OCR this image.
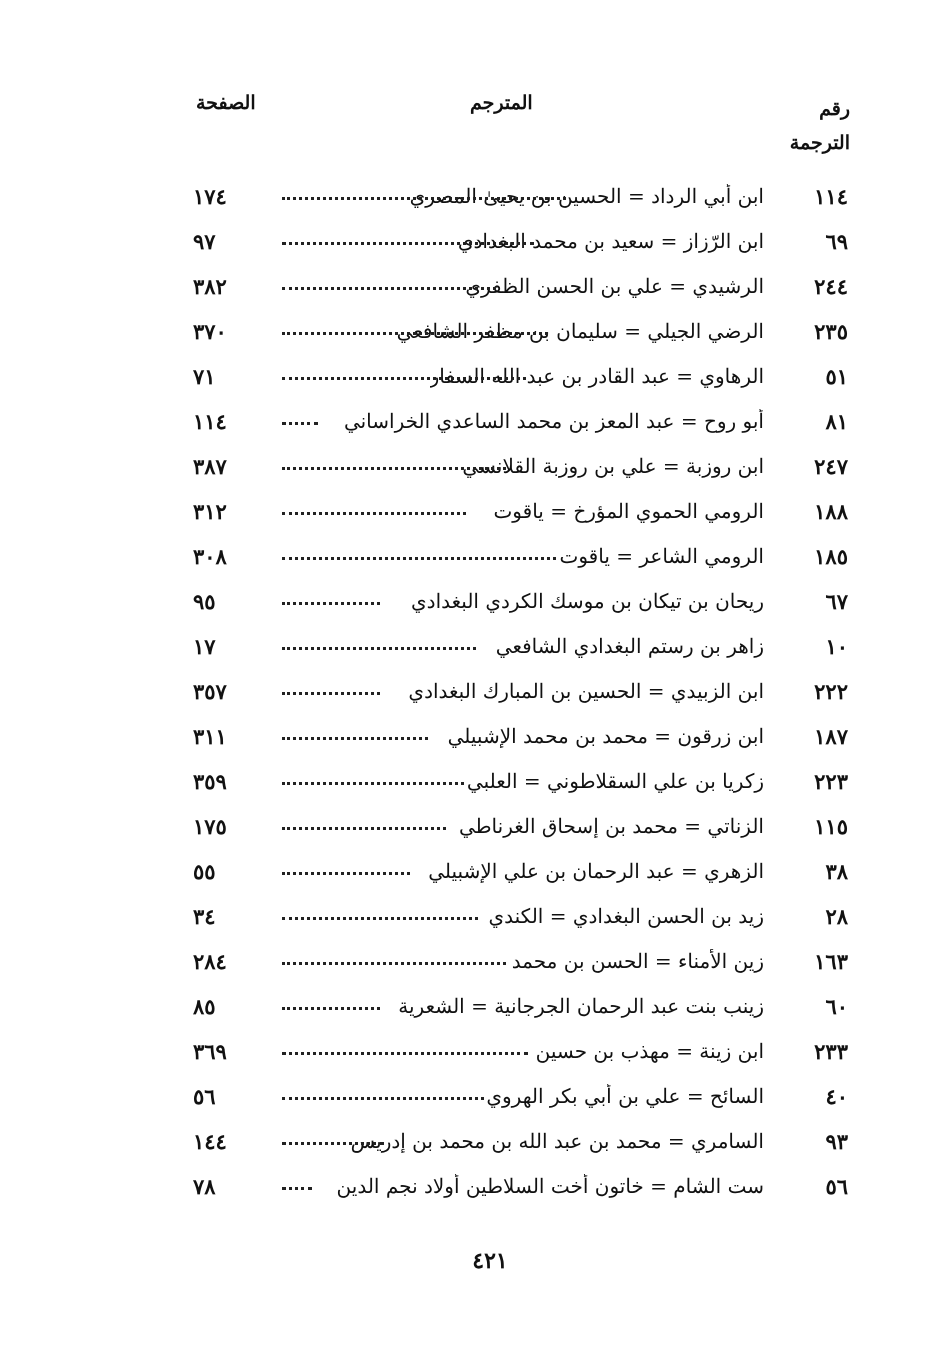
رقم
الترجمة
المترجم
الصفحة
١١٤
ابن أبي الرداد = الحسين بن يحيىٰ المصري
١٧٤
٦٩
ابن الرّزاز = سعيد بن محمد البغدادي
٩٧
٢٤٤
الرشيدي = علي بن الحسن الظفري
٣٨٢
٢٣٥
الرضي الجيلي = سليمان بن مظفر الشافعي
٣٧٠
٥١
الرهاوي = عبد القادر بن عبد الله السفار
٧١
٨١
أبو روح = عبد المعز بن محمد الساعدي الخراساني
١١٤
٢٤٧
ابن روزبة = علي بن روزبة القلانسي
٣٨٧
١٨٨
الرومي الحموي المؤرخ = ياقوت
٣١٢
١٨٥
الرومي الشاعر = ياقوت
٣٠٨
٦٧
ريحان بن تيكان بن موسك الكردي البغدادي
٩٥
١٠
زاهر بن رستم البغدادي الشافعي
١٧
٢٢٢
ابن الزبيدي = الحسين بن المبارك البغدادي
٣٥٧
١٨٧
ابن زرقون = محمد بن محمد الإشبيلي
٣١١
٢٢٣
زكريا بن علي السقلاطوني = العلبي
٣٥٩
١١٥
الزناتي = محمد بن إسحاق الغرناطي
١٧٥
٣٨
الزهري = عبد الرحمان بن علي الإشبيلي
٥٥
٢٨
زيد بن الحسن البغدادي = الكندي
٣٤
١٦٣
زين الأمناء = الحسن بن محمد
٢٨٤
٦٠
زينب بنت عبد الرحمان الجرجانية = الشعرية
٨٥
٢٣٣
ابن زينة = مهذب بن حسين
٣٦٩
٤٠
السائح = علي بن أبي بكر الهروي
٥٦
٩٣
السامري = محمد بن عبد الله بن محمد بن إدريس
١٤٤
٥٦
ست الشام = خاتون أخت السلاطين أولاد نجم الدين
٧٨
٤٢١
